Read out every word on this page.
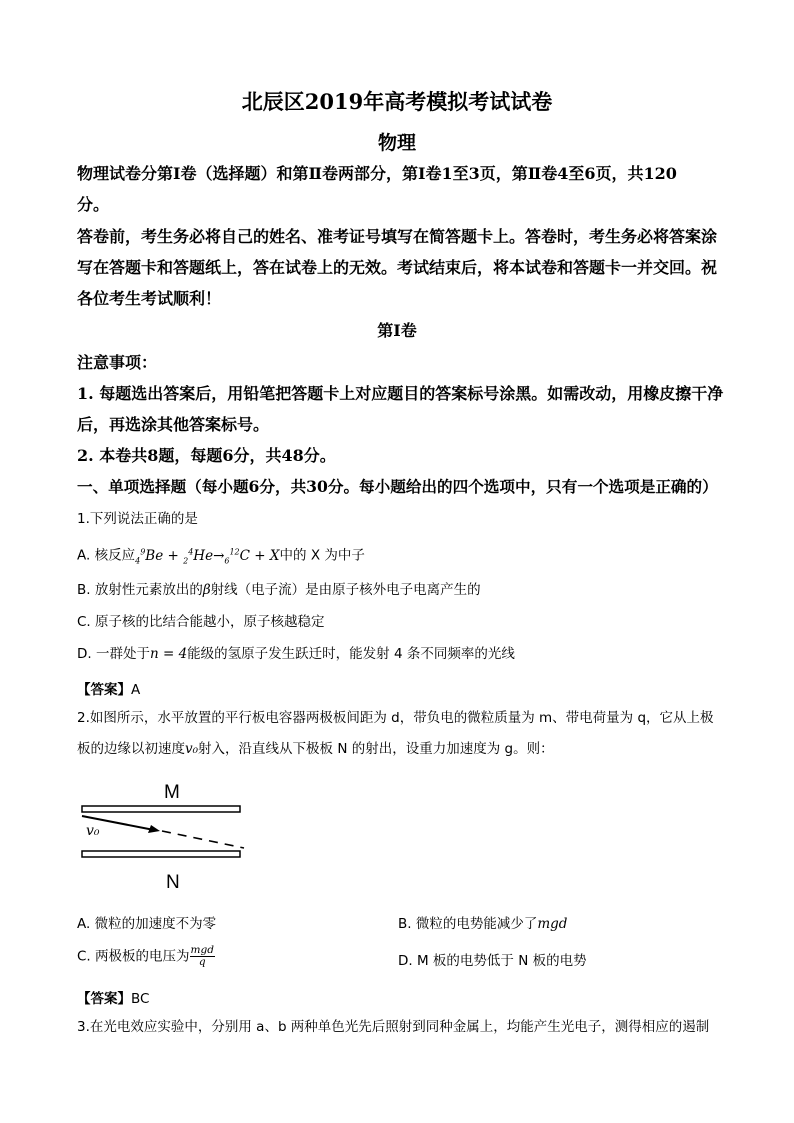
北辰区2019年高考模拟考试试卷
物理
物理试卷分第Ⅰ卷（选择题）和第Ⅱ卷两部分，第Ⅰ卷1至3页，第Ⅱ卷4至6页，共120
分。
答卷前，考生务必将自己的姓名、准考证号填写在简答题卡上。答卷时，考生务必将答案涂
写在答题卡和答题纸上，答在试卷上的无效。考试结束后，将本试卷和答题卡一并交回。祝
各位考生考试顺利！
第Ⅰ卷
注意事项：
1. 每题选出答案后，用铅笔把答题卡上对应题目的答案标号涂黑。如需改动，用橡皮擦干净
后，再选涂其他答案标号。
2. 本卷共8题，每题6分，共48分。
一、单项选择题（每小题6分，共30分。每小题给出的四个选项中，只有一个选项是正确的）
1.下列说法正确的是
A. 核反应$_4^9Be + _2^4He\to_6^{12}C + X$中的 X 为中子
B. 放射性元素放出的β射线（电子流）是由原子核外电子电离产生的
C. 原子核的比结合能越小，原子核越稳定
D. 一群处于n = 4能级的氢原子发生跃迁时，能发射 4 条不同频率的光线
【答案】A
2.如图所示，水平放置的平行板电容器两极板间距为 d，带负电的微粒质量为 m、带电荷量为 q，它从上极
板的边缘以初速度v₀射入，沿直线从下极板 N 的射出，设重力加速度为 g。则：
M
N
v₀
A. 微粒的加速度不为零	B. 微粒的电势能减少了mgd
C. 两极板的电压为 $\frac{\text{mgd}}{q}$	D. M 板的电势低于 N 板的电势
【答案】BC
3.在光电效应实验中，分别用 a、b 两种单色光先后照射到同种金属上，均能产生光电子，测得相应的遏制
